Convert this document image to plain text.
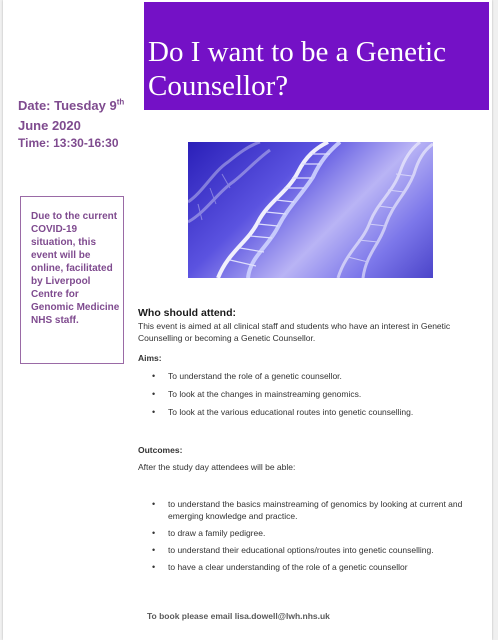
Do I want to be a Genetic Counsellor?

Date: Tuesday 9th
June 2020

Time: 13:30-16:30

Due to the current COVID-19 situation, this event will be online, facilitated by Liverpool Centre for Genomic Medicine NHS staff.

Who should attend:

This event is aimed at all clinical staff and students who have an interest in Genetic Counselling or becoming a Genetic Counsellor.

Aims:

• To understand the role of a genetic counsellor.
• To look at the changes in mainstreaming genomics.
• To look at the various educational routes into genetic counselling.

Outcomes:

After the study day attendees will be able:

• to understand the basics mainstreaming of genomics by looking at current and emerging knowledge and practice.
• to draw a family pedigree.
• to understand their educational options/routes into genetic counselling.
• to have a clear understanding of the role of a genetic counsellor

To book please email lisa.dowell@lwh.nhs.uk
